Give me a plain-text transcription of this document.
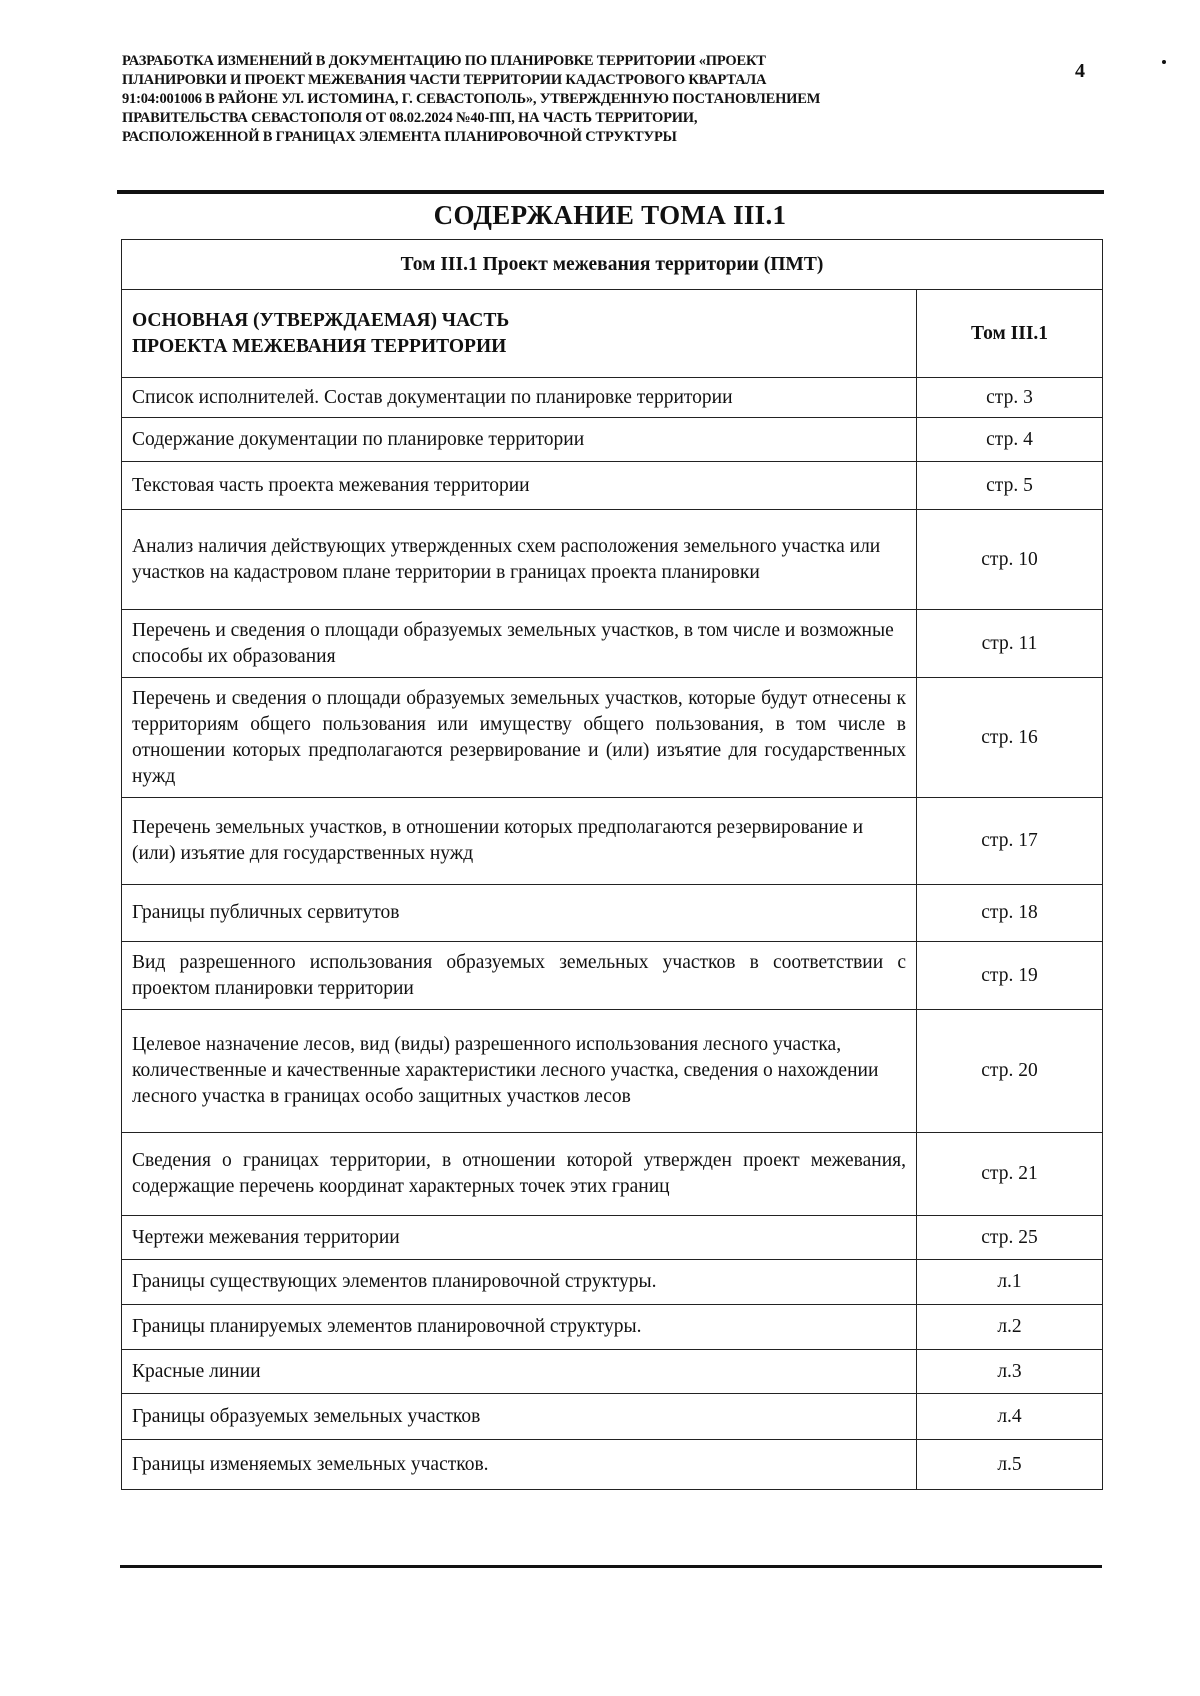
РАЗРАБОТКА ИЗМЕНЕНИЙ В ДОКУМЕНТАЦИЮ ПО ПЛАНИРОВКЕ ТЕРРИТОРИИ «ПРОЕКТ
ПЛАНИРОВКИ И ПРОЕКТ МЕЖЕВАНИЯ ЧАСТИ ТЕРРИТОРИИ КАДАСТРОВОГО КВАРТАЛА
91:04:001006 В РАЙОНЕ УЛ. ИСТОМИНА, Г. СЕВАСТОПОЛЬ», УТВЕРЖДЕННУЮ ПОСТАНОВЛЕНИЕМ
ПРАВИТЕЛЬСТВА СЕВАСТОПОЛЯ ОТ 08.02.2024 №40-ПП, НА ЧАСТЬ ТЕРРИТОРИИ,
РАСПОЛОЖЕННОЙ В ГРАНИЦАХ ЭЛЕМЕНТА ПЛАНИРОВОЧНОЙ СТРУКТУРЫ
4
СОДЕРЖАНИЕ ТОМА III.1
Том III.1 Проект межевания территории (ПМТ)	

ОСНОВНАЯ (УТВЕРЖДАЕМАЯ) ЧАСТЬ
ПРОЕКТА МЕЖЕВАНИЯ ТЕРРИТОРИИ	Том III.1
Список исполнителей. Состав документации по планировке территории	стр. 3
Содержание документации по планировке территории	стр. 4
Текстовая часть проекта межевания территории	стр. 5
Анализ наличия действующих утвержденных схем расположения земельного участка или участков на кадастровом плане территории в границах проекта планировки	стр. 10
Перечень и сведения о площади образуемых земельных участков, в том числе и возможные способы их образования	стр. 11
Перечень и сведения о площади образуемых земельных участков, которые будут отнесены к территориям общего пользования или имуществу общего пользования, в том числе в отношении которых предполагаются резервирование и (или) изъятие для государственных нужд	стр. 16
Перечень земельных участков, в отношении которых предполагаются резервирование и (или) изъятие для государственных нужд	стр. 17
Границы публичных сервитутов	стр. 18
Вид разрешенного использования образуемых земельных участков в соответствии с проектом планировки территории	стр. 19
Целевое назначение лесов, вид (виды) разрешенного использования лесного участка, количественные и качественные характеристики лесного участка, сведения о нахождении лесного участка в границах особо защитных участков лесов	стр. 20
Сведения о границах территории, в отношении которой утвержден проект межевания, содержащие перечень координат характерных точек этих границ	стр. 21
Чертежи межевания территории	стр. 25
Границы существующих элементов планировочной структуры.	л.1
Границы планируемых элементов планировочной структуры.	л.2
Красные линии	л.3
Границы образуемых земельных участков	л.4
Границы изменяемых земельных участков.	л.5
